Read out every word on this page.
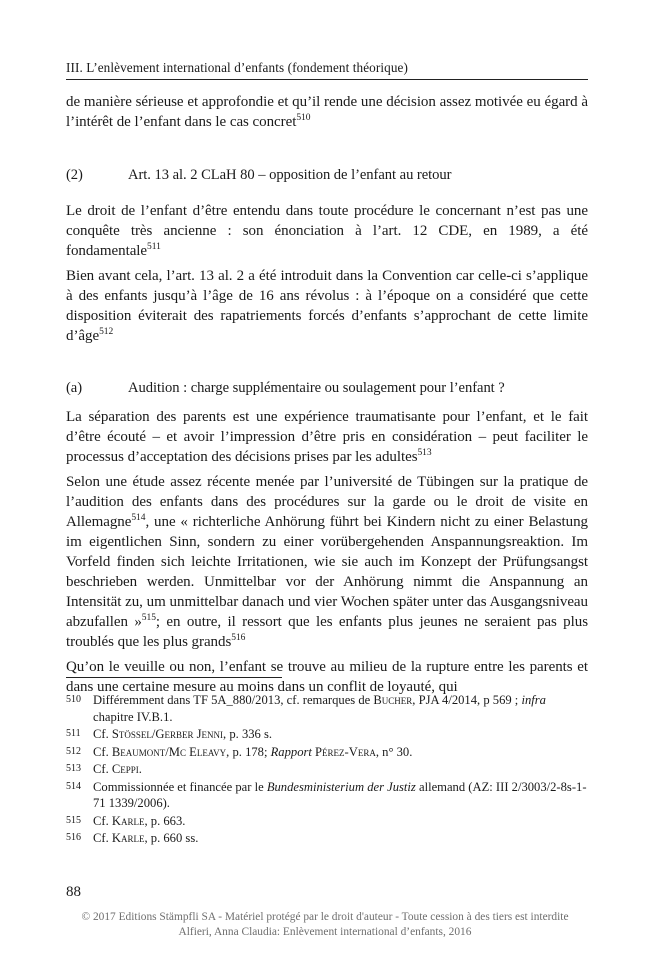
III. L’enlèvement international d’enfants (fondement théorique)

de manière sérieuse et approfondie et qu’il rende une décision assez motivée eu égard à l’intérêt de l’enfant dans le cas concret$^{510}$

(2)	Art. 13 al. 2 CLaH 80 – opposition de l’enfant au retour

Le droit de l’enfant d’être entendu dans toute procédure le concernant n’est pas une conquête très ancienne : son énonciation à l’art. 12 CDE, en 1989, a été fondamentale$^{511}$

Bien avant cela, l’art. 13 al. 2 a été introduit dans la Convention car celle-ci s’applique à des enfants jusqu’à l’âge de 16 ans révolus : à l’époque on a considéré que cette disposition éviterait des rapatriements forcés d’enfants s’approchant de cette limite d’âge$^{512}$

(a)	Audition : charge supplémentaire ou soulagement pour l’enfant ?

La séparation des parents est une expérience traumatisante pour l’enfant, et le fait d’être écouté – et avoir l’impression d’être pris en considération – peut faciliter le processus d’acceptation des décisions prises par les adultes$^{513}$

Selon une étude assez récente menée par l’université de Tübingen sur la pratique de l’audition des enfants dans des procédures sur la garde ou le droit de visite en Allemagne$^{514}$, une « richterliche Anhörung führt bei Kindern nicht zu einer Belastung im eigentlichen Sinn, sondern zu einer vorübergehenden Anspannungsreaktion. Im Vorfeld finden sich leichte Irritationen, wie sie auch im Konzept der Prüfungsangst beschrieben werden. Unmittelbar vor der Anhörung nimmt die Anspannung an Intensität zu, um unmittelbar danach und vier Wochen später unter das Ausgangsniveau abzufallen »$^{515}$; en outre, il ressort que les enfants plus jeunes ne seraient pas plus troublés que les plus grands$^{516}$

Qu’on le veuille ou non, l’enfant se trouve au milieu de la rupture entre les parents et dans une certaine mesure au moins dans un conflit de loyauté, qui

510 Différemment dans TF 5A_880/2013, cf. remarques de Bucher, PJA 4/2014, p 569 ; infra chapitre IV.B.1.
511 Cf. Stössel/Gerber Jenni, p. 336 s.
512 Cf. Beaumont/Mc Eleavy, p. 178; Rapport Pérez-Vera, n° 30.
513 Cf. Ceppi.
514 Commissionnée et financée par le Bundesministerium der Justiz allemand (AZ: III 2/3003/2-8s-1-71 1339/2006).
515 Cf. Karle, p. 663.
516 Cf. Karle, p. 660 ss.
88
© 2017 Editions Stämpfli SA - Matériel protégé par le droit d'auteur - Toute cession à des tiers est interdite
Alfieri, Anna Claudia: Enlèvement international d’enfants, 2016
